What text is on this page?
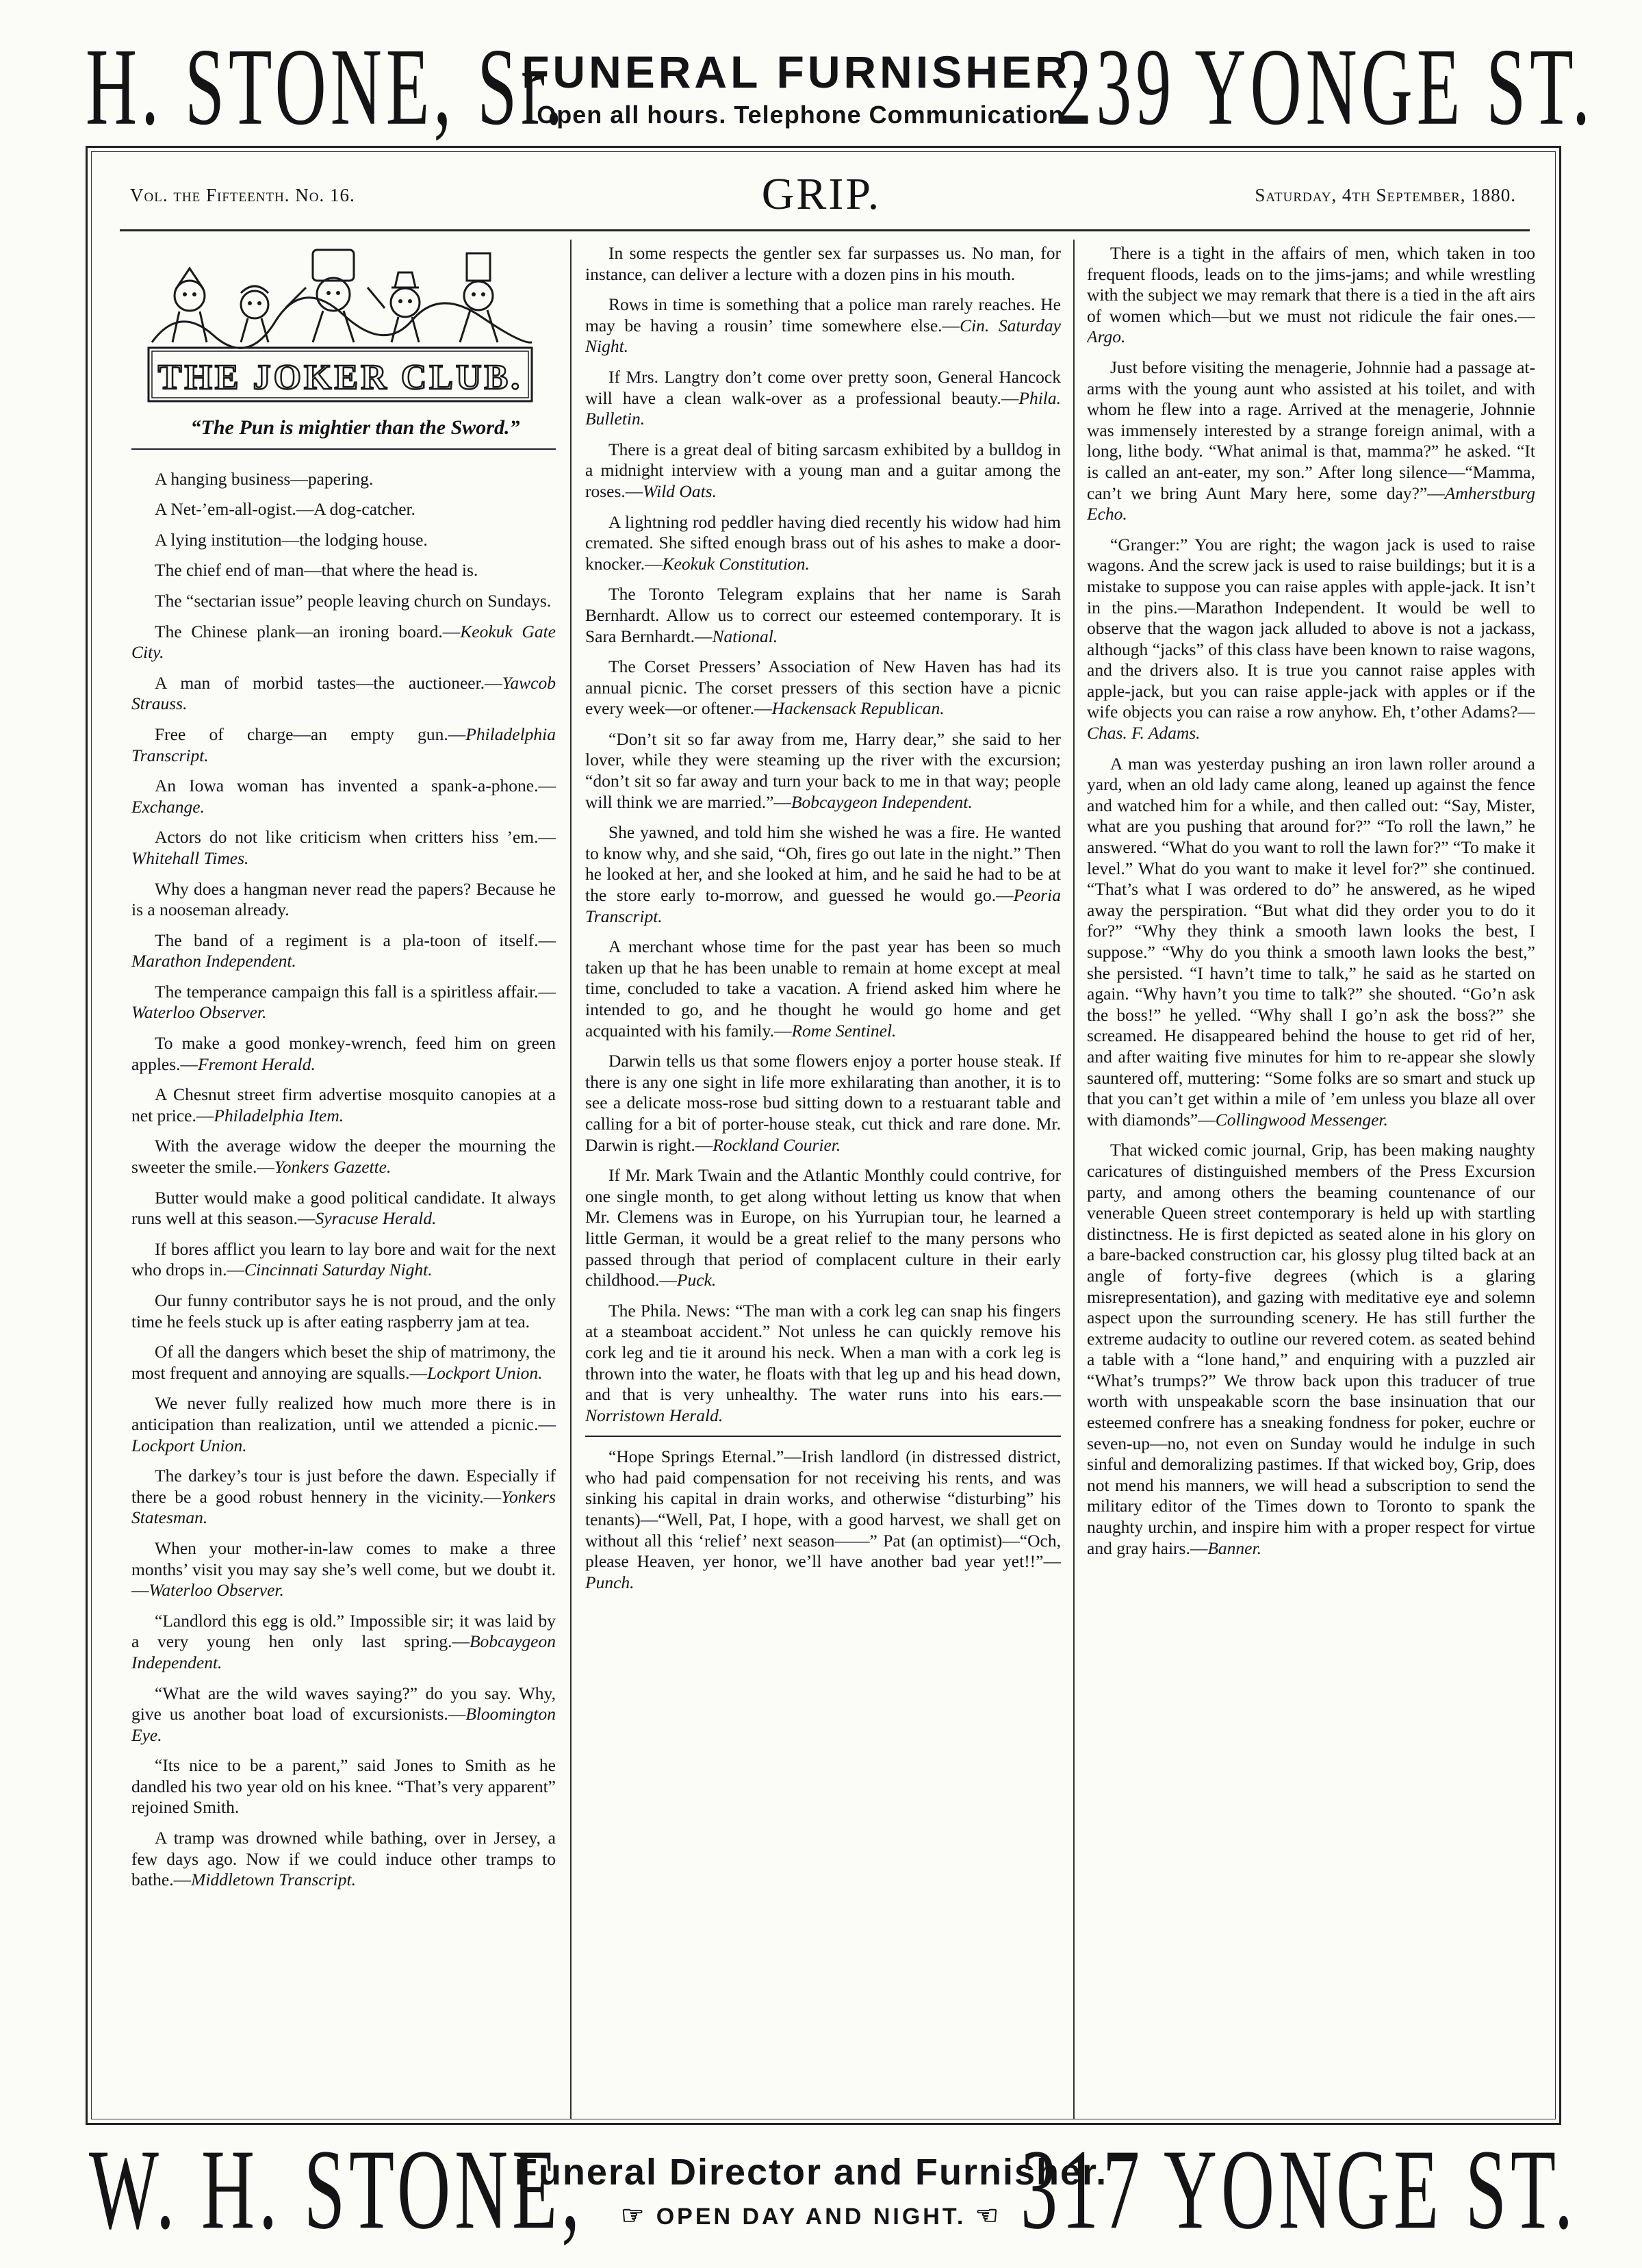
H. STONE, Sr.
FUNERAL FURNISHER.
Open all hours. Telephone Communication.
239 YONGE ST.
Vol. the Fifteenth. No. 16.	GRIP.	Saturday, 4th September, 1880.
THE JOKER CLUB.

“The Pun is mightier than the Sword.”

A hanging business—papering.

A Net-’em-all-ogist.—A dog-catcher.

A lying institution—the lodging house.

The chief end of man—that where the head is.

The “sectarian issue” people leaving church on Sundays.

The Chinese plank—an ironing board.—Keokuk Gate City.

A man of morbid tastes—the auctioneer.—Yawcob Strauss.

Free of charge—an empty gun.—Philadelphia Transcript.

An Iowa woman has invented a spank-a-phone.—Exchange.

Actors do not like criticism when critters hiss ’em.—Whitehall Times.

Why does a hangman never read the papers? Because he is a nooseman already.

The band of a regiment is a pla-toon of itself.—Marathon Independent.

The temperance campaign this fall is a spiritless affair.—Waterloo Observer.

To make a good monkey-wrench, feed him on green apples.—Fremont Herald.

A Chesnut street firm advertise mosquito canopies at a net price.—Philadelphia Item.

With the average widow the deeper the mourning the sweeter the smile.—Yonkers Gazette.

Butter would make a good political candidate. It always runs well at this season.—Syracuse Herald.

If bores afflict you learn to lay bore and wait for the next who drops in.—Cincinnati Saturday Night.

Our funny contributor says he is not proud, and the only time he feels stuck up is after eating raspberry jam at tea.

Of all the dangers which beset the ship of matrimony, the most frequent and annoying are squalls.—Lockport Union.

We never fully realized how much more there is in anticipation than realization, until we attended a picnic.—Lockport Union.

The darkey’s tour is just before the dawn. Especially if there be a good robust hennery in the vicinity.—Yonkers Statesman.

When your mother-in-law comes to make a three months’ visit you may say she’s well come, but we doubt it.—Waterloo Observer.

“Landlord this egg is old.” Impossible sir; it was laid by a very young hen only last spring.—Bobcaygeon Independent.

“What are the wild waves saying?” do you say. Why, give us another boat load of excursionists.—Bloomington Eye.

“Its nice to be a parent,” said Jones to Smith as he dandled his two year old on his knee. “That’s very apparent” rejoined Smith.

A tramp was drowned while bathing, over in Jersey, a few days ago. Now if we could induce other tramps to bathe.—Middletown Transcript.

In some respects the gentler sex far surpasses us. No man, for instance, can deliver a lecture with a dozen pins in his mouth.

Rows in time is something that a police man rarely reaches. He may be having a rousin’ time somewhere else.—Cin. Saturday Night.

If Mrs. Langtry don’t come over pretty soon, General Hancock will have a clean walk-over as a professional beauty.—Phila. Bulletin.

There is a great deal of biting sarcasm exhibited by a bulldog in a midnight interview with a young man and a guitar among the roses.—Wild Oats.

A lightning rod peddler having died recently his widow had him cremated. She sifted enough brass out of his ashes to make a door-knocker.—Keokuk Constitution.

The Toronto Telegram explains that her name is Sarah Bernhardt. Allow us to correct our esteemed contemporary. It is Sara Bernhardt.—National.

The Corset Pressers’ Association of New Haven has had its annual picnic. The corset pressers of this section have a picnic every week—or oftener.—Hackensack Republican.

“Don’t sit so far away from me, Harry dear,” she said to her lover, while they were steaming up the river with the excursion; “don’t sit so far away and turn your back to me in that way; people will think we are married.”—Bobcaygeon Independent.

She yawned, and told him she wished he was a fire. He wanted to know why, and she said, “Oh, fires go out late in the night.” Then he looked at her, and she looked at him, and he said he had to be at the store early to-morrow, and guessed he would go.—Peoria Transcript.

A merchant whose time for the past year has been so much taken up that he has been unable to remain at home except at meal time, concluded to take a vacation. A friend asked him where he intended to go, and he thought he would go home and get acquainted with his family.—Rome Sentinel.

Darwin tells us that some flowers enjoy a porter house steak. If there is any one sight in life more exhilarating than another, it is to see a delicate moss-rose bud sitting down to a restuarant table and calling for a bit of porter-house steak, cut thick and rare done. Mr. Darwin is right.—Rockland Courier.

If Mr. Mark Twain and the Atlantic Monthly could contrive, for one single month, to get along without letting us know that when Mr. Clemens was in Europe, on his Yurrupian tour, he learned a little German, it would be a great relief to the many persons who passed through that period of complacent culture in their early childhood.—Puck.

The Phila. News: “The man with a cork leg can snap his fingers at a steamboat accident.” Not unless he can quickly remove his cork leg and tie it around his neck. When a man with a cork leg is thrown into the water, he floats with that leg up and his head down, and that is very unhealthy. The water runs into his ears.—Norristown Herald.

“Hope Springs Eternal.”—Irish landlord (in distressed district, who had paid compensation for not receiving his rents, and was sinking his capital in drain works, and otherwise “disturbing” his tenants)—“Well, Pat, I hope, with a good harvest, we shall get on without all this ‘relief’ next season——” Pat (an optimist)—“Och, please Heaven, yer honor, we’ll have another bad year yet!!”—Punch.

There is a tight in the affairs of men, which taken in too frequent floods, leads on to the jims-jams; and while wrestling with the subject we may remark that there is a tied in the aft airs of women which—but we must not ridicule the fair ones.—Argo.

Just before visiting the menagerie, Johnnie had a passage at-arms with the young aunt who assisted at his toilet, and with whom he flew into a rage. Arrived at the menagerie, Johnnie was immensely interested by a strange foreign animal, with a long, lithe body. “What animal is that, mamma?” he asked. “It is called an ant-eater, my son.” After long silence—“Mamma, can’t we bring Aunt Mary here, some day?”—Amherstburg Echo.

“Granger:” You are right; the wagon jack is used to raise wagons. And the screw jack is used to raise buildings; but it is a mistake to suppose you can raise apples with apple-jack. It isn’t in the pins.—Marathon Independent. It would be well to observe that the wagon jack alluded to above is not a jackass, although “jacks” of this class have been known to raise wagons, and the drivers also. It is true you cannot raise apples with apple-jack, but you can raise apple-jack with apples or if the wife objects you can raise a row anyhow. Eh, t’other Adams?—Chas. F. Adams.

A man was yesterday pushing an iron lawn roller around a yard, when an old lady came along, leaned up against the fence and watched him for a while, and then called out: “Say, Mister, what are you pushing that around for?” “To roll the lawn,” he answered. “What do you want to roll the lawn for?” “To make it level.” What do you want to make it level for?” she continued. “That’s what I was ordered to do” he answered, as he wiped away the perspiration. “But what did they order you to do it for?” “Why they think a smooth lawn looks the best, I suppose.” “Why do you think a smooth lawn looks the best,” she persisted. “I havn’t time to talk,” he said as he started on again. “Why havn’t you time to talk?” she shouted. “Go’n ask the boss!” he yelled. “Why shall I go’n ask the boss?” she screamed. He disappeared behind the house to get rid of her, and after waiting five minutes for him to re-appear she slowly sauntered off, muttering: “Some folks are so smart and stuck up that you can’t get within a mile of ’em unless you blaze all over with diamonds”—Collingwood Messenger.

That wicked comic journal, Grip, has been making naughty caricatures of distinguished members of the Press Excursion party, and among others the beaming countenance of our venerable Queen street contemporary is held up with startling distinctness. He is first depicted as seated alone in his glory on a bare-backed construction car, his glossy plug tilted back at an angle of forty-five degrees (which is a glaring misrepresentation), and gazing with meditative eye and solemn aspect upon the surrounding scenery. He has still further the extreme audacity to outline our revered cotem. as seated behind a table with a “lone hand,” and enquiring with a puzzled air “What’s trumps?” We throw back upon this traducer of true worth with unspeakable scorn the base insinuation that our esteemed confrere has a sneaking fondness for poker, euchre or seven-up—no, not even on Sunday would he indulge in such sinful and demoralizing pastimes. If that wicked boy, Grip, does not mend his manners, we will head a subscription to send the military editor of the Times down to Toronto to spank the naughty urchin, and inspire him with a proper respect for virtue and gray hairs.—Banner.

W. H. STONE,
Funeral Director and Furnisher.
☞ OPEN DAY AND NIGHT. ☜ 317 YONGE ST.
